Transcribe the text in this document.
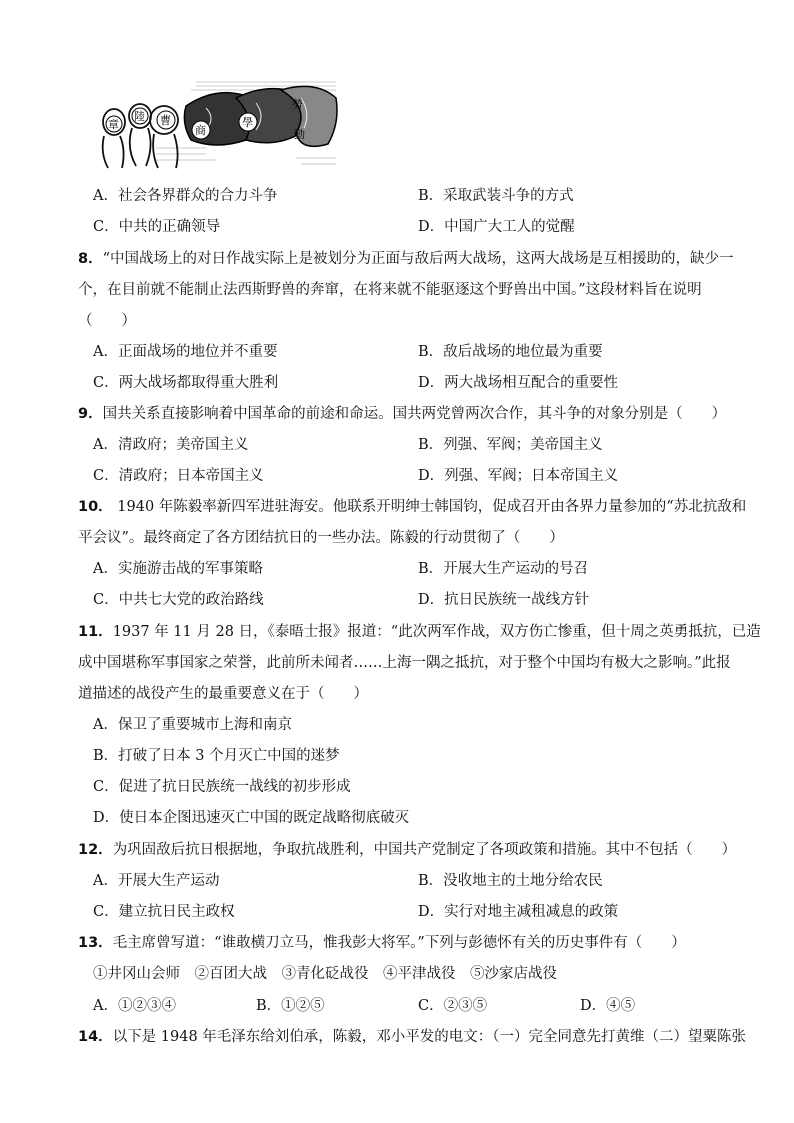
章
陸 曹
商
學
勞
動
A．社会各界群众的合力斗争	B．采取武装斗争的方式
C．中共的正确领导	D．中国广大工人的觉醒
8．“中国战场上的对日作战实际上是被划分为正面与敌后两大战场，这两大战场是互相援助的，缺少一
个，在目前就不能制止法西斯野兽的奔窜，在将来就不能驱逐这个野兽出中国。”这段材料旨在说明
（　　）
A．正面战场的地位并不重要	B．敌后战场的地位最为重要
C．两大战场都取得重大胜利	D．两大战场相互配合的重要性
9．国共关系直接影响着中国革命的前途和命运。国共两党曾两次合作，其斗争的对象分别是（　　）
A．清政府；美帝国主义	B．列强、军阀；美帝国主义
C．清政府；日本帝国主义	D．列强、军阀；日本帝国主义
10． 1940 年陈毅率新四军进驻海安。他联系开明绅士韩国钧，促成召开由各界力量参加的“苏北抗敌和
平会议”。最终商定了各方团结抗日的一些办法。陈毅的行动贯彻了（　　）
A．实施游击战的军事策略	B．开展大生产运动的号召
C．中共七大党的政治路线	D．抗日民族统一战线方针
11．1937 年 11 月 28 日，《泰晤士报》报道：“此次两军作战，双方伤亡惨重，但十周之英勇抵抗，已造
成中国堪称军事国家之荣誉，此前所未闻者……上海一隅之抵抗，对于整个中国均有极大之影响。”此报
道描述的战役产生的最重要意义在于（　　）
A．保卫了重要城市上海和南京
B．打破了日本 3 个月灭亡中国的迷梦
C．促进了抗日民族统一战线的初步形成
D．使日本企图迅速灭亡中国的既定战略彻底破灭
12．为巩固敌后抗日根据地，争取抗战胜利，中国共产党制定了各项政策和措施。其中不包括（　　）
A．开展大生产运动	B．没收地主的土地分给农民
C．建立抗日民主政权	D．实行对地主减租减息的政策
13．毛主席曾写道：“谁敢横刀立马，惟我彭大将军。”下列与彭德怀有关的历史事件有（　　）
①井冈山会师　②百团大战　③青化砭战役　④平津战役　⑤沙家店战役
A．①②③④	B．①②⑤	C．②③⑤	D．④⑤
14．以下是 1948 年毛泽东给刘伯承，陈毅，邓小平发的电文：（一）完全同意先打黄维（二）望粟陈张
